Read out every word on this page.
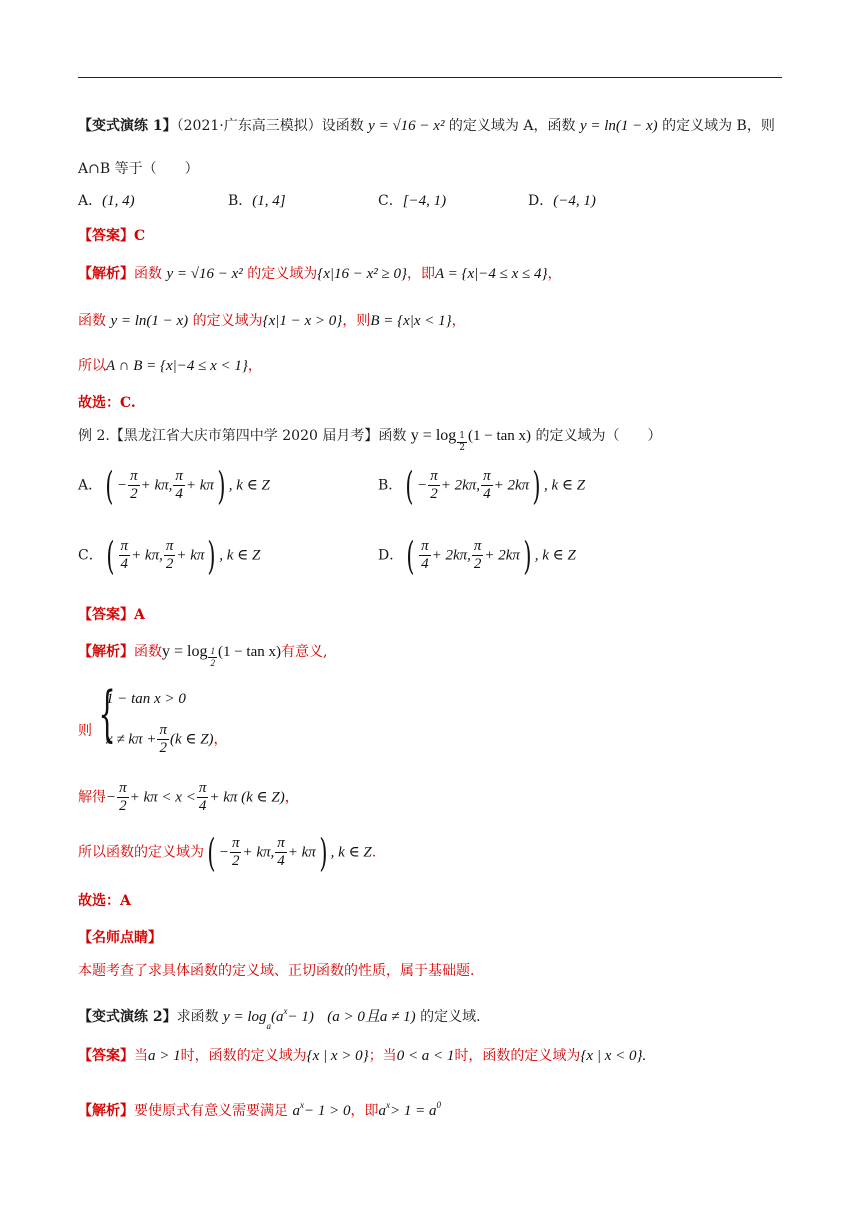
【变式演练 1】（2021·广东高三模拟）设函数 y = √16 − x² 的定义域为 A，函数 y = ln(1 − x) 的定义域为 B，则
A∩B 等于（　　）
A．(1, 4)	B．(1, 4]	C．[−4, 1)	D．(−4, 1)
【答案】C
【解析】函数 y = √16 − x² 的定义域为{x|16 − x² ≥ 0}，即A = {x|−4 ≤ x ≤ 4}，
函数 y = ln(1 − x) 的定义域为{x|1 − x > 0}，则B = {x|x < 1}，
所以A ∩ B = {x|−4 ≤ x < 1}，
故选：C.
例 2.【黑龙江省大庆市第四中学 2020 届月考】函数 $y = \log \frac{1}{2} (1 - \tan x)$ 的定义域为（　　）
A．( − $\frac{\pi}{2} + k\pi$, $\frac{\pi}{4} + k\pi$) , k ∈ Z	B．( − $\frac{\pi}{2} + 2k\pi$, $\frac{\pi}{4} + 2k\pi$) , k ∈ Z
C．( $\frac{\pi}{4} + k\pi$, $\frac{\pi}{2} + k\pi$) , k ∈ Z	D．( $\frac{\pi}{4} + 2k\pi$, $\frac{\pi}{2} + 2k\pi$) , k ∈ Z
【答案】A
【解析】函数$y = \log \frac{1}{2} (1 - \tan x)$有意义,
则 {
1 − tan x > 0
$x \ne k\pi + \frac{\pi}{2} (k$ ∈ Z)，
解得− $\frac{\pi}{2} + k\pi < x < \frac{\pi}{4} + k\pi$ (k ∈ Z)，
所以函数的定义域为( − $\frac{\pi}{2} + k\pi$, $\frac{\pi}{4} + k\pi$) , k ∈ Z.
故选：A
【名师点睛】
本题考查了求具体函数的定义域、正切函数的性质，属于基础题.
【变式演练 2】求函数 $y = \log_a(a^x- 1) (a > 0$且a ≠ 1) 的定义域.
【答案】当a > 1时，函数的定义域为{x | x > 0}；当0 < a < 1时，函数的定义域为{x | x < 0}.
【解析】要使原式有意义需要满足 $a^x- 1 > 0$，即$a^x> 1 = a^0$
